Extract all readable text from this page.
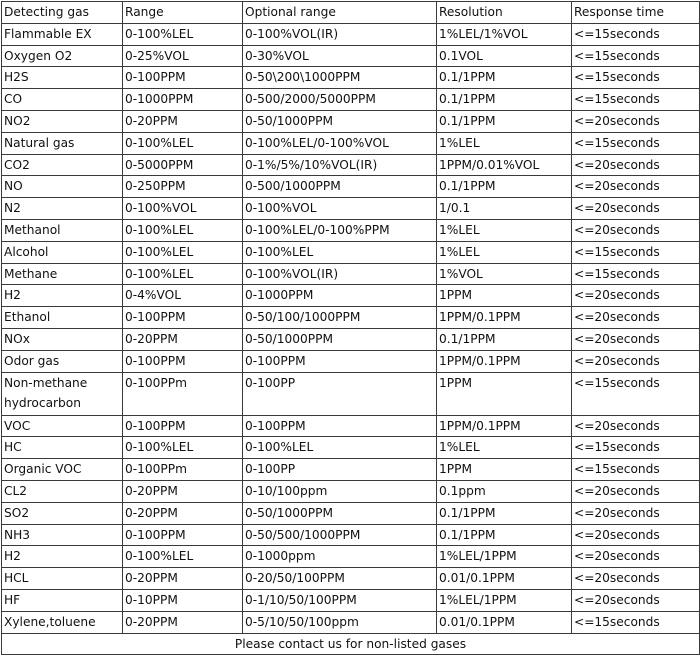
Detecting gas	Range	Optional range	Resolution	Response time
Flammable EX	0-100%LEL	0-100%VOL(IR)	1%LEL/1%VOL	<=15seconds
Oxygen O2	0-25%VOL	0-30%VOL	0.1VOL	<=15seconds
H2S	0-100PPM	0-50\200\1000PPM	0.1/1PPM	<=15seconds
CO	0-1000PPM	0-500/2000/5000PPM	0.1/1PPM	<=15seconds
NO2	0-20PPM	0-50/1000PPM	0.1/1PPM	<=20seconds
Natural gas	0-100%LEL	0-100%LEL/0-100%VOL	1%LEL	<=15seconds
CO2	0-5000PPM	0-1%/5%/10%VOL(IR)	1PPM/0.01%VOL	<=20seconds
NO	0-250PPM	0-500/1000PPM	0.1/1PPM	<=20seconds
N2	0-100%VOL	0-100%VOL	1/0.1	<=20seconds
Methanol	0-100%LEL	0-100%LEL/0-100%PPM	1%LEL	<=20seconds
Alcohol	0-100%LEL	0-100%LEL	1%LEL	<=15seconds
Methane	0-100%LEL	0-100%VOL(IR)	1%VOL	<=15seconds
H2	0-4%VOL	0-1000PPM	1PPM	<=20seconds
Ethanol	0-100PPM	0-50/100/1000PPM	1PPM/0.1PPM	<=20seconds
NOx	0-20PPM	0-50/1000PPM	0.1/1PPM	<=20seconds
Odor gas	0-100PPM	0-100PPM	1PPM/0.1PPM	<=20seconds
Non-methane hydrocarbon	0-100PPm	0-100PP	1PPM	<=15seconds
VOC	0-100PPM	0-100PPM	1PPM/0.1PPM	<=20seconds
HC	0-100%LEL	0-100%LEL	1%LEL	<=15seconds
Organic VOC	0-100PPm	0-100PP	1PPM	<=15seconds
CL2	0-20PPM	0-10/100ppm	0.1ppm	<=20seconds
SO2	0-20PPM	0-50/1000PPM	0.1/1PPM	<=20seconds
NH3	0-100PPM	0-50/500/1000PPM	0.1/1PPM	<=20seconds
H2	0-100%LEL	0-1000ppm	1%LEL/1PPM	<=20seconds
HCL	0-20PPM	0-20/50/100PPM	0.01/0.1PPM	<=20seconds
HF	0-10PPM	0-1/10/50/100PPM	1%LEL/1PPM	<=20seconds
Xylene,toluene	0-20PPM	0-5/10/50/100ppm	0.01/0.1PPM	<=15seconds
Please contact us for non-listed gases				
